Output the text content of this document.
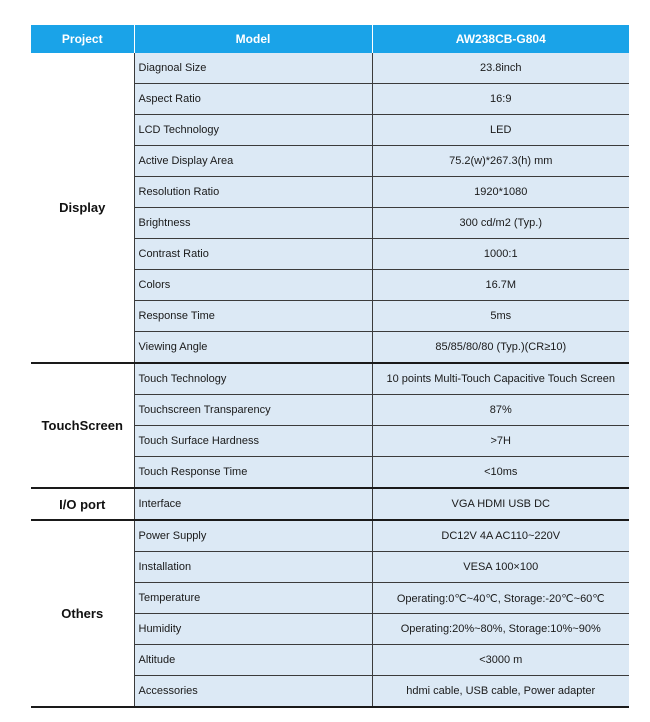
Project	Model	AW238CB-G804
Display	Diagnoal Size	23.8inch
	Aspect Ratio	16:9
	LCD Technology	LED
	Active Display Area	75.2(w)*267.3(h) mm
	Resolution Ratio	1920*1080
	Brightness	300 cd/m2 (Typ.)
	Contrast Ratio	1000:1
	Colors	16.7M
	Response Time	5ms
	Viewing Angle	85/85/80/80 (Typ.)(CR≥10)
TouchScreen	Touch Technology	10 points Multi-Touch Capacitive Touch Screen
	Touchscreen Transparency	87%
	Touch Surface Hardness	>7H
	Touch Response Time	<10ms
I/O port	Interface	VGA HDMI USB DC
Others	Power Supply	DC12V 4A AC110~220V
	Installation	VESA 100×100
	Temperature	Operating:0℃~40℃, Storage:-20℃~60℃
	Humidity	Operating:20%~80%, Storage:10%~90%
	Altitude	<3000 m
	Accessories	hdmi cable, USB cable, Power adapter
